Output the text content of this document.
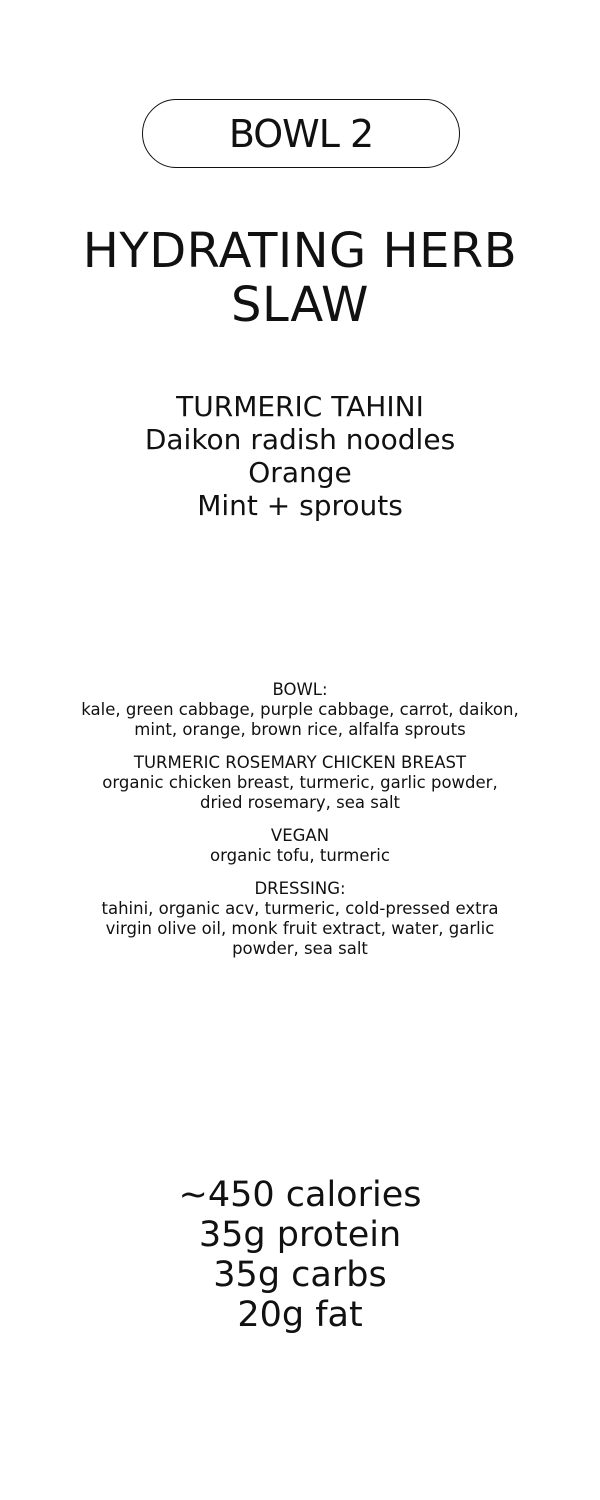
BOWL 2
HYDRATING HERB
SLAW
TURMERIC TAHINI
Daikon radish noodles
Orange
Mint + sprouts
BOWL:
kale, green cabbage, purple cabbage, carrot, daikon, mint, orange, brown rice, alfalfa sprouts
TURMERIC ROSEMARY CHICKEN BREAST
organic chicken breast, turmeric, garlic powder, dried rosemary, sea salt
VEGAN
organic tofu, turmeric
DRESSING:
tahini, organic acv, turmeric, cold-pressed extra virgin olive oil, monk fruit extract, water, garlic powder, sea salt
~450 calories
35g protein
35g carbs
20g fat
